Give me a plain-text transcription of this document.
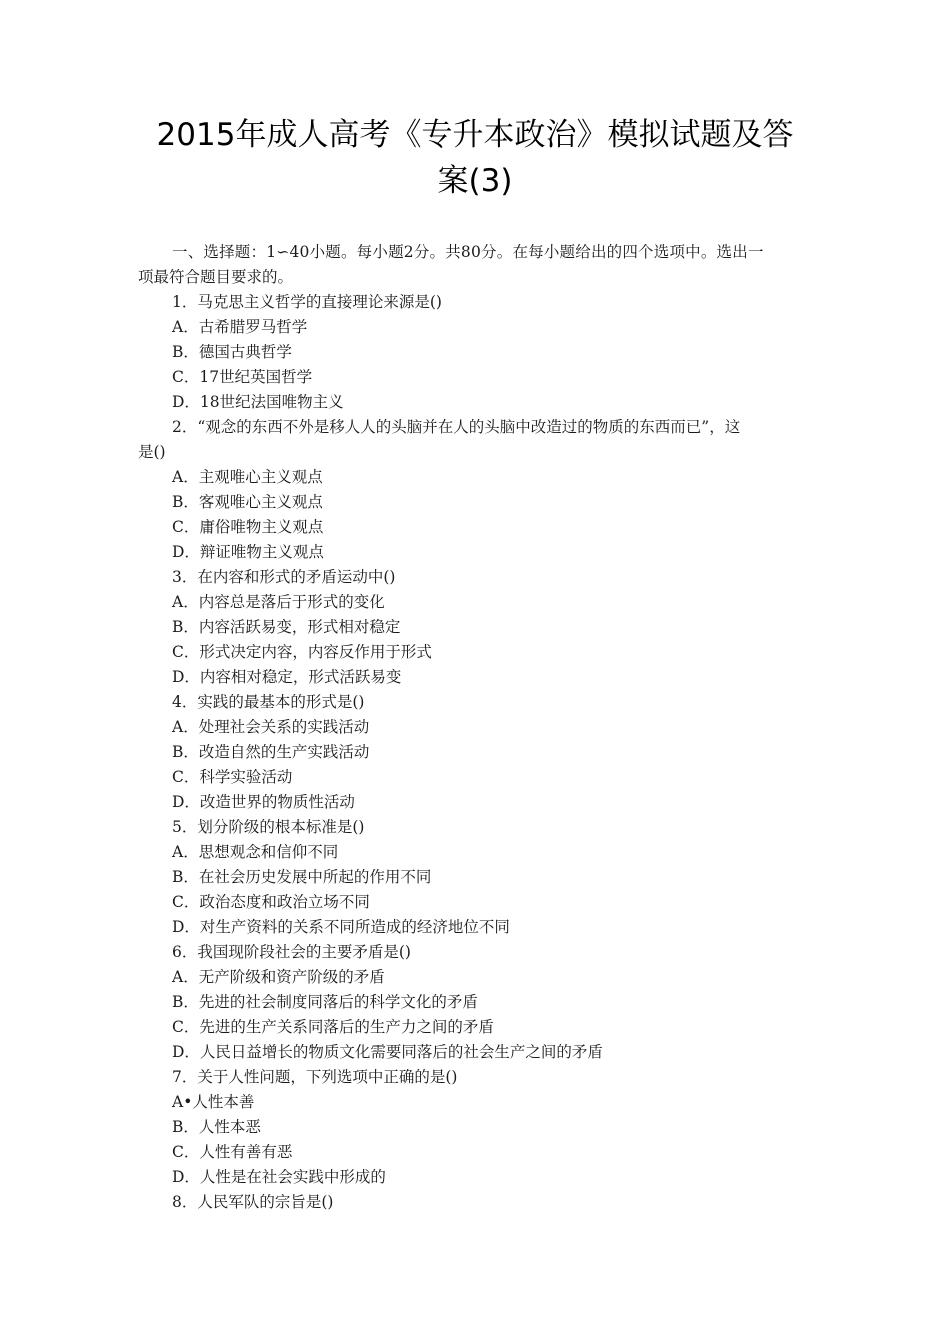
2015年成人高考《专升本政治》模拟试题及答
案(3)
一、选择题：1∽40小题。每小题2分。共80分。在每小题给出的四个选项中。选出一
项最符合题目要求的。
1．马克思主义哲学的直接理论来源是()
A．古希腊罗马哲学
B．德国古典哲学
C．17世纪英国哲学
D．18世纪法国唯物主义
2．“观念的东西不外是移人人的头脑并在人的头脑中改造过的物质的东西而已”，这
是()
A．主观唯心主义观点
B．客观唯心主义观点
C．庸俗唯物主义观点
D．辩证唯物主义观点
3．在内容和形式的矛盾运动中()
A．内容总是落后于形式的变化
B．内容活跃易变，形式相对稳定
C．形式决定内容，内容反作用于形式
D．内容相对稳定，形式活跃易变
4．实践的最基本的形式是()
A．处理社会关系的实践活动
B．改造自然的生产实践活动
C．科学实验活动
D．改造世界的物质性活动
5．划分阶级的根本标准是()
A．思想观念和信仰不同
B．在社会历史发展中所起的作用不同
C．政治态度和政治立场不同
D．对生产资料的关系不同所造成的经济地位不同
6．我国现阶段社会的主要矛盾是()
A．无产阶级和资产阶级的矛盾
B．先进的社会制度同落后的科学文化的矛盾
C．先进的生产关系同落后的生产力之间的矛盾
D．人民日益增长的物质文化需要同落后的社会生产之间的矛盾
7．关于人性问题，下列选项中正确的是()
A•人性本善
B．人性本恶
C．人性有善有恶
D．人性是在社会实践中形成的
8．人民军队的宗旨是()
